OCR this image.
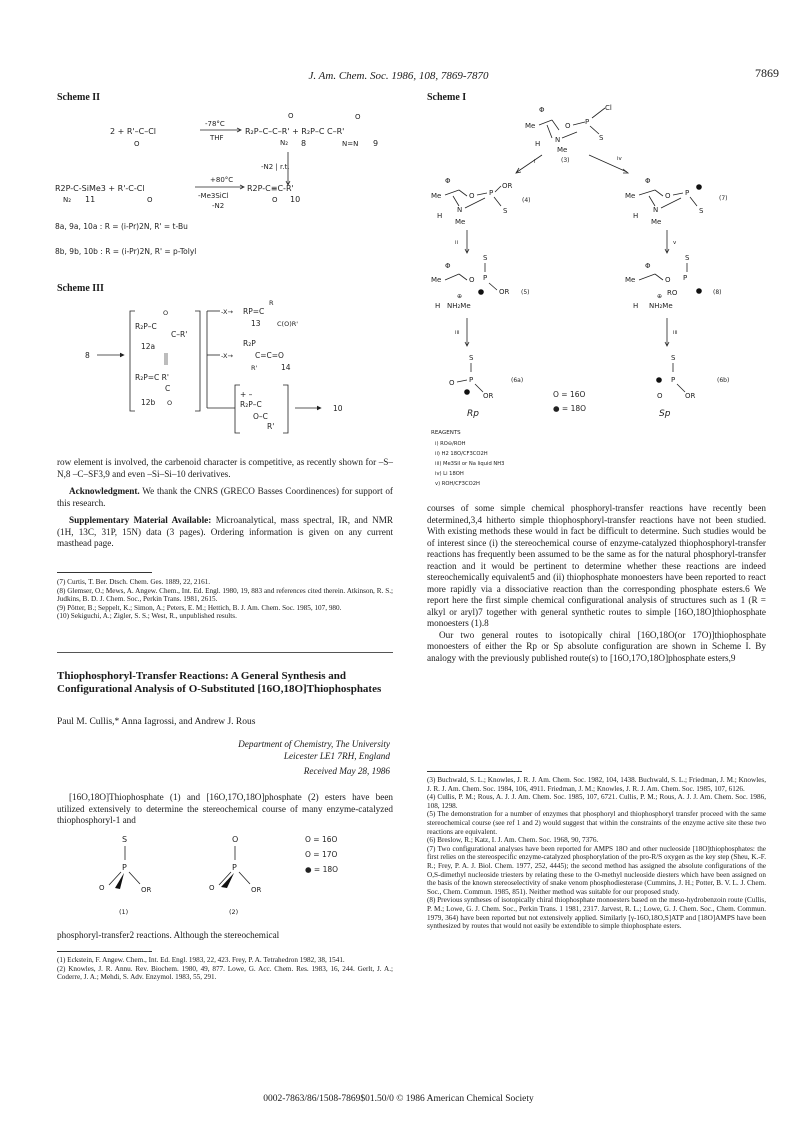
J. Am. Chem. Soc. 1986, 108, 7869-7870	7869
Scheme II
2 + R'–C–Cl
O
-78°C
THF
R₂P–C–C–R' + R₂P–C C–R'
O
N₂ 8
O
N=N 9
-N2 | r.t.
R2P-C-SiMe3 + R'-C-Cl
N₂ 11	O
+80°C
-Me3SiCl
-N2
R2P-C≡C-R'
O 10
8a, 9a, 10a : R = (i-Pr)2N, R' = t-Bu
8b, 9b, 10b : R = (i-Pr)2N, R' = p-Tolyl
Scheme III
8
R₂P–C
O
C–R'
12a
R₂P=C R'
C
12b O
-X→ RP=C
R
13	C(O)R'
-X→
R₂P
C=C=O
R'	14
+ –
R₂P–C
O–C
R'
10

row element is involved, the carbenoid character is competitive, as recently shown for –S–N,8 –C–SF3,9 and even –Si–Si–10 derivatives.

Acknowledgment. We thank the CNRS (GRECO Basses Coordinences) for support of this research.

Supplementary Material Available: Microanalytical, mass spectral, IR, and NMR (1H, 13C, 31P, 15N) data (3 pages). Ordering information is given on any current masthead page.

(7) Curtis, T. Ber. Dtsch. Chem. Ges. 1889, 22, 2161.

(8) Glemser, O.; Mews, A. Angew. Chem., Int. Ed. Engl. 1980, 19, 883 and references cited therein. Atkinson, R. S.; Judkins, B. D. J. Chem. Soc., Perkin Trans. 1981, 2615.

(9) Pötter, B.; Seppelt, K.; Simon, A.; Peters, E. M.; Hettich, B. J. Am. Chem. Soc. 1985, 107, 980.

(10) Sekiguchi, A.; Zigler, S. S.; West, R., unpublished results.

Thiophosphoryl-Transfer Reactions: A General Synthesis and Configurational Analysis of O-Substituted [16O,18O]Thiophosphates
Paul M. Cullis,* Anna Iagrossi, and Andrew J. Rous
Department of Chemistry, The University
Leicester LE1 7RH, England
Received May 28, 1986

[16O,18O]Thiophosphate (1) and [16O,17O,18O]phosphate (2) esters have been utilized extensively to determine the stereochemical course of many enzyme-catalyzed thiophosphoryl-1 and

S
P
O	OR
(1)
O
P
O	OR
(2)
O = 16O
O = 17O
● = 18O

phosphoryl-transfer2 reactions. Although the stereochemical

(1) Eckstein, F. Angew. Chem., Int. Ed. Engl. 1983, 22, 423. Frey, P. A. Tetrahedron 1982, 38, 1541.

(2) Knowles, J. R. Annu. Rev. Biochem. 1980, 49, 877. Lowe, G. Acc. Chem. Res. 1983, 16, 244. Gerlt, J. A.; Coderre, J. A.; Mehdi, S. Adv. Enzymol. 1983, 55, 291.

Scheme I
Φ
Me	O P
Cl
S
N
H
Me
(3)
i	iv
Φ
Me	O P
OR
S
N
H
Me
(4)
Φ
Me	O P
S
N
H
Me
(7)
ii	v
Φ
S
Me	O P
OR (5)
⊕
H NH₂Me
Φ
S
Me	O P
RO	(8)
⊕
H NH₂Me
iii	iii
S
P
O
OR
(6a)
Rp
S
P
O	OR
(6b)
Sp
O = 16O
● = 18O
REAGENTS
i) RO⊖/ROH
ii) H2 18O/CF3CO2H
iii) Me3SiI or Na liquid NH3
iv) Li 18OH
v) ROH/CF3CO2H

courses of some simple chemical phosphoryl-transfer reactions have recently been determined,3,4 hitherto simple thiophosphoryl-transfer reactions have not been studied. With existing methods these would in fact be difficult to determine. Such studies would be of interest since (i) the stereochemical course of enzyme-catalyzed thiophosphoryl-transfer reactions has frequently been assumed to be the same as for the natural phosphoryl-transfer reaction and it would be pertinent to determine whether these reactions are indeed stereochemically equivalent5 and (ii) thiophosphate monoesters have been reported to react more rapidly via a dissociative reaction than the corresponding phosphate esters.6 We report here the first simple chemical configurational analysis of structures such as 1 (R = alkyl or aryl)7 together with general synthetic routes to simple [16O,18O]thiophosphate monoesters (1).8

Our two general routes to isotopically chiral [16O,18O(or 17O)]thiophosphate monoesters of either the Rp or Sp absolute configuration are shown in Scheme I. By analogy with the previously published route(s) to [16O,17O,18O]phosphate esters,9

(3) Buchwald, S. L.; Knowles, J. R. J. Am. Chem. Soc. 1982, 104, 1438. Buchwald, S. L.; Friedman, J. M.; Knowles, J. R. J. Am. Chem. Soc. 1984, 106, 4911. Friedman, J. M.; Knowles, J. R. J. Am. Chem. Soc. 1985, 107, 6126.

(4) Cullis, P. M.; Rous, A. J. J. Am. Chem. Soc. 1985, 107, 6721. Cullis, P. M.; Rous, A. J. J. Am. Chem. Soc. 1986, 108, 1298.

(5) The demonstration for a number of enzymes that phosphoryl and thiophosphoryl transfer proceed with the same stereochemical course (see ref 1 and 2) would suggest that within the constraints of the enzyme active site these two reactions are equivalent.

(6) Breslow, R.; Katz, I. J. Am. Chem. Soc. 1968, 90, 7376.

(7) Two configurational analyses have been reported for AMPS 18O and other nucleoside [18O]thiophosphates: the first relies on the stereospecific enzyme-catalyzed phosphorylation of the pro-R/S oxygen as the key step (Sheu, K.-F. R.; Frey, P. A. J. Biol. Chem. 1977, 252, 4445); the second method has assigned the absolute configurations of the O,S-dimethyl nucleoside triesters by relating these to the O-methyl nucleoside diesters which have been assigned on the basis of the known stereoselectivity of snake venom phosphodiesterase (Cummins, J. H.; Potter, B. V. L. J. Chem. Soc., Chem. Commun. 1985, 851). Neither method was suitable for our proposed study.

(8) Previous syntheses of isotopically chiral thiophosphate monoesters based on the meso-hydrobenzoin route (Cullis, P. M.; Lowe, G. J. Chem. Soc., Perkin Trans. 1 1981, 2317. Jarvest, R. L.; Lowe, G. J. Chem. Soc., Chem. Commun. 1979, 364) have been reported but not extensively applied. Similarly [γ-16O,18O,S]ATP and [18O]AMPS have been synthesized by routes that would not easily be extendible to simple thiophosphate esters.

0002-7863/86/1508-7869$01.50/0 © 1986 American Chemical Society
